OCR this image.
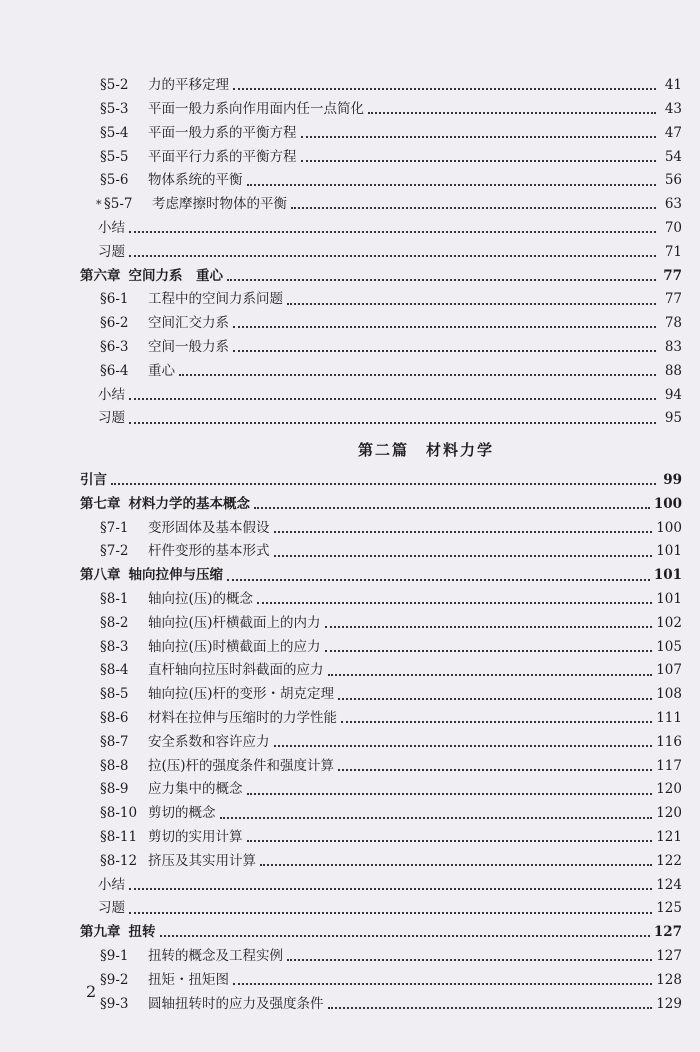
§5-2	力的平移定理	41
§5-3	平面一般力系向作用面内任一点简化	43
§5-4	平面一般力系的平衡方程	47
§5-5	平面平行力系的平衡方程	54
§5-6	物体系统的平衡	56
* §5-7	考虑摩擦时物体的平衡	63
小结	70
习题	71
第六章 空间力系　重心	77
§6-1	工程中的空间力系问题	77
§6-2	空间汇交力系	78
§6-3	空间一般力系	83
§6-4	重心	88
小结	94
习题	95
第二篇　材料力学
引言	99
第七章 材料力学的基本概念	100
§7-1	变形固体及基本假设	100
§7-2	杆件变形的基本形式	101
第八章 轴向拉伸与压缩	101
§8-1	轴向拉(压)的概念	101
§8-2	轴向拉(压)杆横截面上的内力	102
§8-3	轴向拉(压)时横截面上的应力	105
§8-4	直杆轴向拉压时斜截面的应力	107
§8-5	轴向拉(压)杆的变形・胡克定理	108
§8-6	材料在拉伸与压缩时的力学性能	111
§8-7	安全系数和容许应力	116
§8-8	拉(压)杆的强度条件和强度计算	117
§8-9	应力集中的概念	120
§8-10 剪切的概念	120
§8-11 剪切的实用计算	121
§8-12 挤压及其实用计算	122
小结	124
习题	125
第九章 扭转	127
§9-1	扭转的概念及工程实例	127
§9-2	扭矩・扭矩图	128
§9-3	圆轴扭转时的应力及强度条件	129
2
